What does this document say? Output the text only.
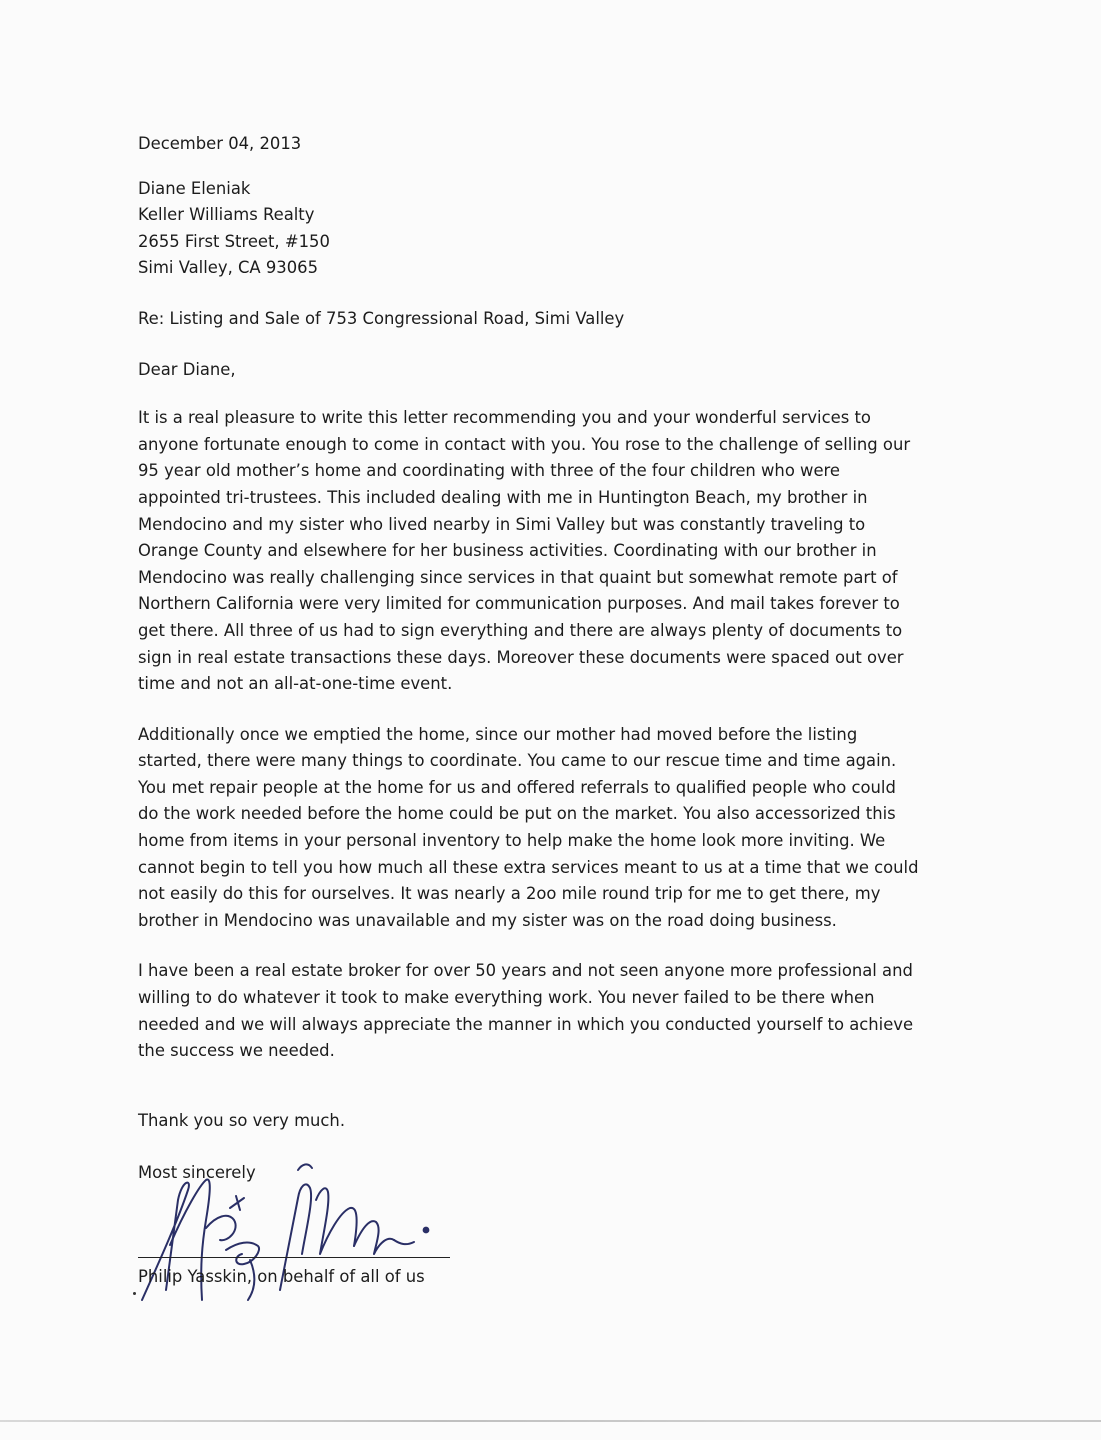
December 04, 2013
Diane Eleniak
Keller Williams Realty
2655 First Street, #150
Simi Valley, CA 93065
Re: Listing and Sale of 753 Congressional Road, Simi Valley
Dear Diane,
It is a real pleasure to write this letter recommending you and your wonderful services to
anyone fortunate enough to come in contact with you. You rose to the challenge of selling our
95 year old mother’s home and coordinating with three of the four children who were
appointed tri-trustees. This included dealing with me in Huntington Beach, my brother in
Mendocino and my sister who lived nearby in Simi Valley but was constantly traveling to
Orange County and elsewhere for her business activities. Coordinating with our brother in
Mendocino was really challenging since services in that quaint but somewhat remote part of
Northern California were very limited for communication purposes. And mail takes forever to
get there. All three of us had to sign everything and there are always plenty of documents to
sign in real estate transactions these days. Moreover these documents were spaced out over
time and not an all-at-one-time event.
Additionally once we emptied the home, since our mother had moved before the listing
started, there were many things to coordinate. You came to our rescue time and time again.
You met repair people at the home for us and offered referrals to qualified people who could
do the work needed before the home could be put on the market. You also accessorized this
home from items in your personal inventory to help make the home look more inviting. We
cannot begin to tell you how much all these extra services meant to us at a time that we could
not easily do this for ourselves. It was nearly a 2oo mile round trip for me to get there, my
brother in Mendocino was unavailable and my sister was on the road doing business.
I have been a real estate broker for over 50 years and not seen anyone more professional and
willing to do whatever it took to make everything work. You never failed to be there when
needed and we will always appreciate the manner in which you conducted yourself to achieve
the success we needed.
Thank you so very much.
Most sincerely
Philip Yasskin, on behalf of all of us
